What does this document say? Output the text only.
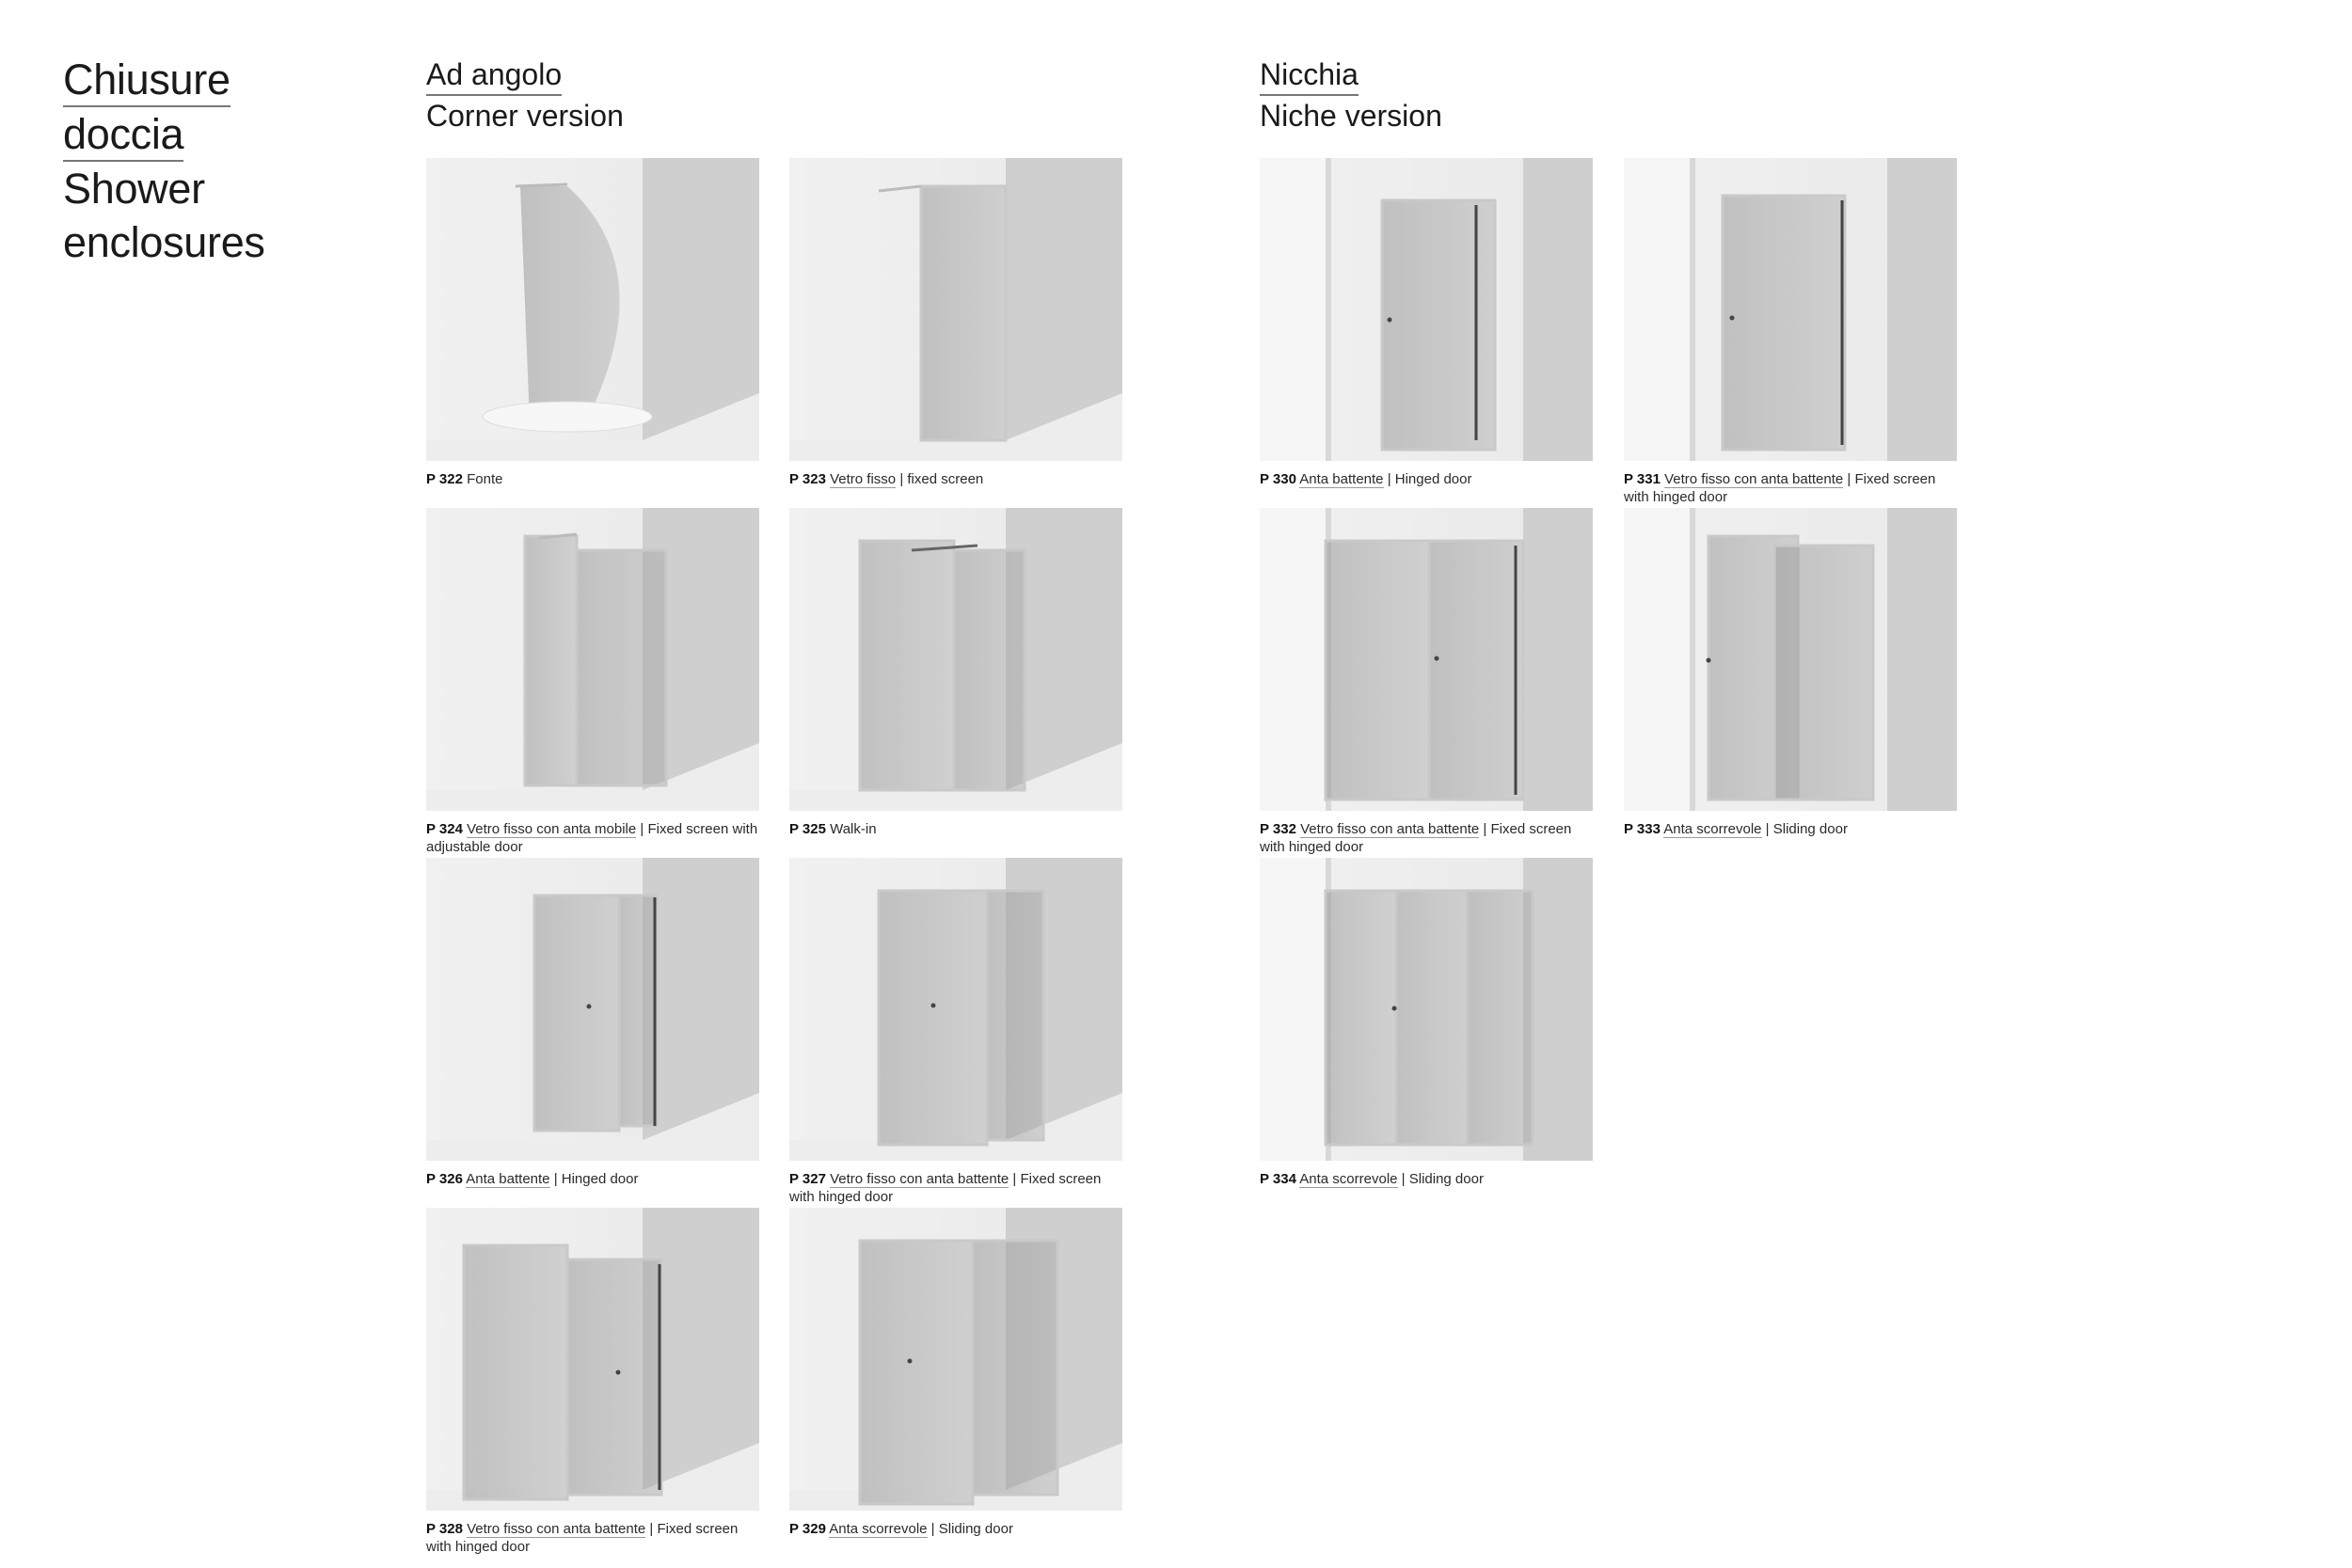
Chiusure
doccia
Shower
enclosures
Ad angolo
Corner version
Nicchia
Niche version
P 322 Fonte	P 323 Vetro fisso | fixed screen	P 330 Anta battente | Hinged door	P 331 Vetro fisso con anta battente | Fixed screen with hinged door
P 324 Vetro fisso con anta mobile | Fixed screen with adjustable door
P 325 Walk-in	P 332 Vetro fisso con anta battente | Fixed screen with hinged door
P 333 Anta scorrevole | Sliding door
P 326 Anta battente | Hinged door	P 327 Vetro fisso con anta battente | Fixed screen with hinged door
P 334 Anta scorrevole | Sliding door
P 328 Vetro fisso con anta battente | Fixed screen with hinged door
P 329 Anta scorrevole | Sliding door
